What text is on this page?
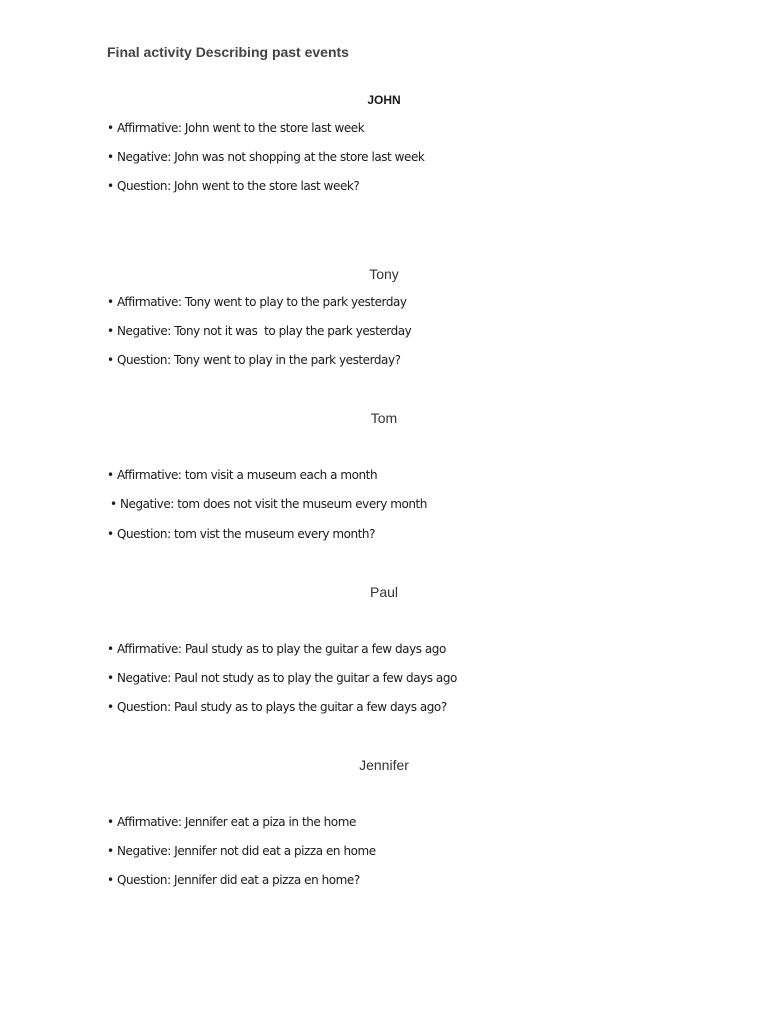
Final activity Describing past events
JOHN
• Affirmative:
John went to the store last week
• Negative:
John was not shopping at the store last week
• Question:
John went to the store last week?
Tony
• Affirmative:
Tony went to play to the park yesterday
• Negative:
Tony not it was  to play the park yesterday
• Question:
Tony went to play in the park yesterday?
Tom
• Affirmative:
tom visit a museum each a month
• Negative:
tom does not visit the museum every month
• Question:
tom vist the museum every month?
Paul
• Affirmative:
Paul study as to play the guitar a few days ago
• Negative:
Paul not study as to play the guitar a few days ago
• Question:
Paul study as to plays the guitar a few days ago?
Jennifer
• Affirmative:
Jennifer eat a piza in the home
• Negative:
Jennifer not did eat a pizza en home
• Question:
Jennifer did eat a pizza en home?
